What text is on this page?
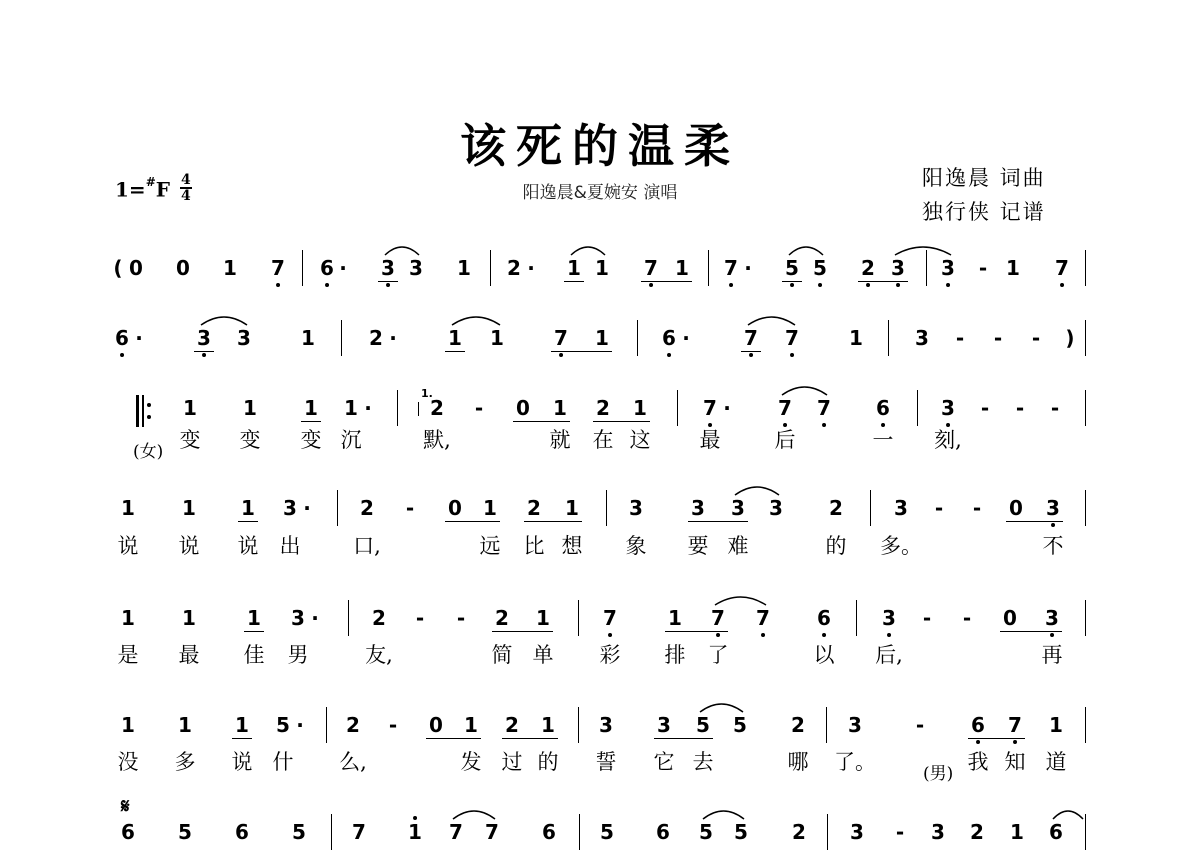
该死的温柔
$1=^{\#}F \frac{4}{4}$	阳逸晨&夏婉安 演唱
阳逸晨 词曲
独行侠 记谱
1.
𝄋
(女)
(男)
( 0 0 1 7 6 · 3 3 1 2 · 1 1 7 1 7 · 5 5 2 3 3 - 1 7
6 ·	3 3	1	2 ·	1 1	7 1	6 ·	7 7	1	3 - - - )
1 1 1 1 ·	2 - 0 1 2 1	7 · 7 7 6	3 - - -
1 1 1 3 · 2 - 0 1 2 1	3 3 3 3 2	3 - - 0 3
1 1	1 3 ·	2 - - 2 1	7	1 7 7 6	3 - - 0 3
1 1 1 5 · 2 - 0 1 2 1 3 3 5 5 2 3	- 6 7 1
6 5 6 5 7 1 7 7 6 5 6 5 5 2 3 - 3 2 1 6
变 变 变 沉	默,	就 在 这 最	后	一 刻,
说 说 说 出	口,	远 比 想 象 要 难	的 多。	不
是 最 佳 男	友,	简 单 彩 排 了	以 后,	再
没 多 说 什 么,	发 过 的 誓 它 去	哪 了。	我 知 道
